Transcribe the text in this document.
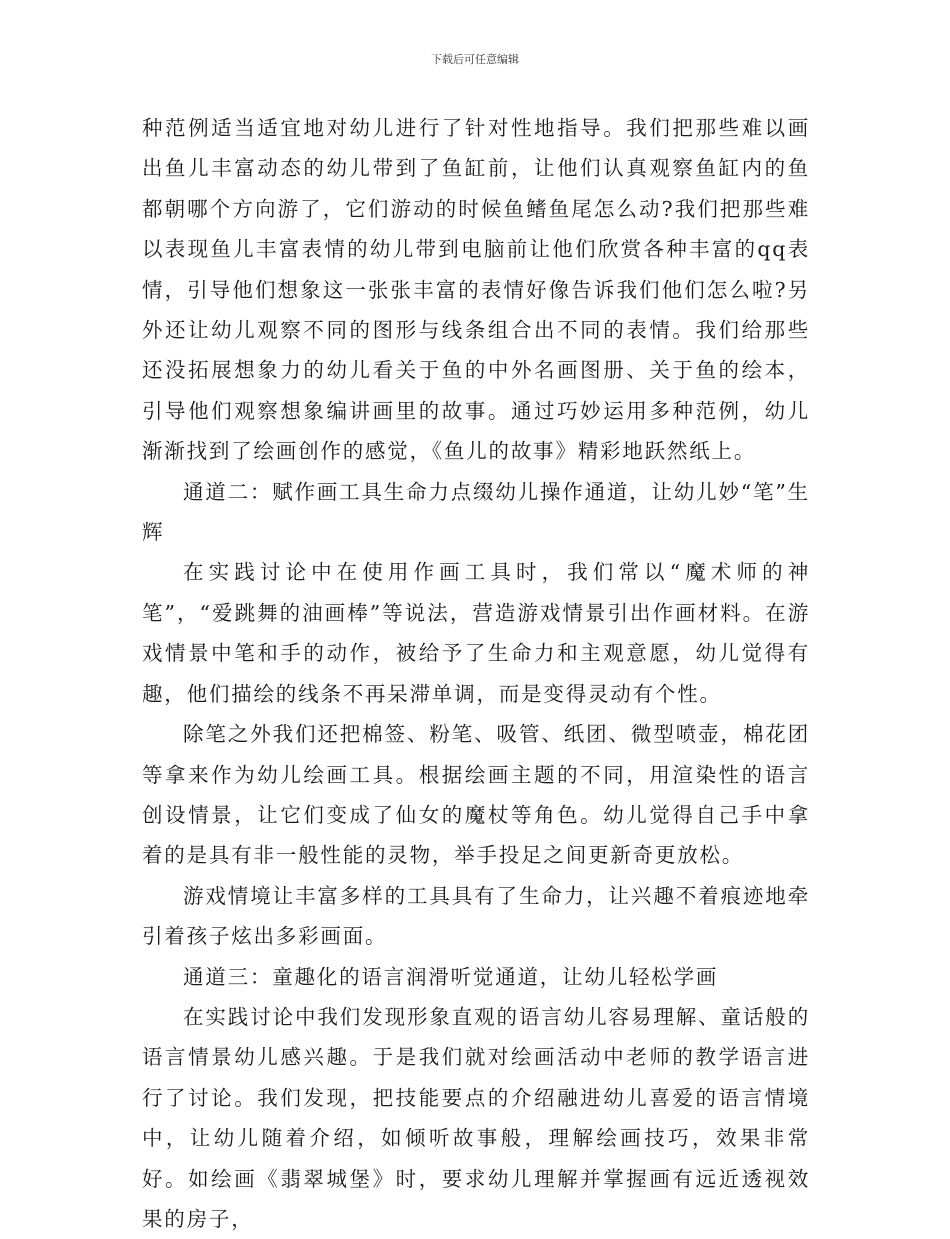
下载后可任意编辑

种范例适当适宜地对幼儿进行了针对性地指导。我们把那些难以画出鱼儿丰富动态的幼儿带到了鱼缸前，让他们认真观察鱼缸内的鱼都朝哪个方向游了，它们游动的时候鱼鳍鱼尾怎么动?我们把那些难以表现鱼儿丰富表情的幼儿带到电脑前让他们欣赏各种丰富的qq表情，引导他们想象这一张张丰富的表情好像告诉我们他们怎么啦?另外还让幼儿观察不同的图形与线条组合出不同的表情。我们给那些还没拓展想象力的幼儿看关于鱼的中外名画图册、关于鱼的绘本，引导他们观察想象编讲画里的故事。通过巧妙运用多种范例，幼儿渐渐找到了绘画创作的感觉，《鱼儿的故事》精彩地跃然纸上。

通道二：赋作画工具生命力点缀幼儿操作通道，让幼儿妙“笔”生辉

在实践讨论中在使用作画工具时，我们常以“魔术师的神笔”，“爱跳舞的油画棒”等说法，营造游戏情景引出作画材料。在游戏情景中笔和手的动作，被给予了生命力和主观意愿，幼儿觉得有趣，他们描绘的线条不再呆滞单调，而是变得灵动有个性。

除笔之外我们还把棉签、粉笔、吸管、纸团、微型喷壶，棉花团等拿来作为幼儿绘画工具。根据绘画主题的不同，用渲染性的语言创设情景，让它们变成了仙女的魔杖等角色。幼儿觉得自己手中拿着的是具有非一般性能的灵物，举手投足之间更新奇更放松。

游戏情境让丰富多样的工具具有了生命力，让兴趣不着痕迹地牵引着孩子炫出多彩画面。

通道三：童趣化的语言润滑听觉通道，让幼儿轻松学画

在实践讨论中我们发现形象直观的语言幼儿容易理解、童话般的语言情景幼儿感兴趣。于是我们就对绘画活动中老师的教学语言进行了讨论。我们发现，把技能要点的介绍融进幼儿喜爱的语言情境中，让幼儿随着介绍，如倾听故事般，理解绘画技巧，效果非常好。如绘画《翡翠城堡》时，要求幼儿理解并掌握画有远近透视效果的房子，
